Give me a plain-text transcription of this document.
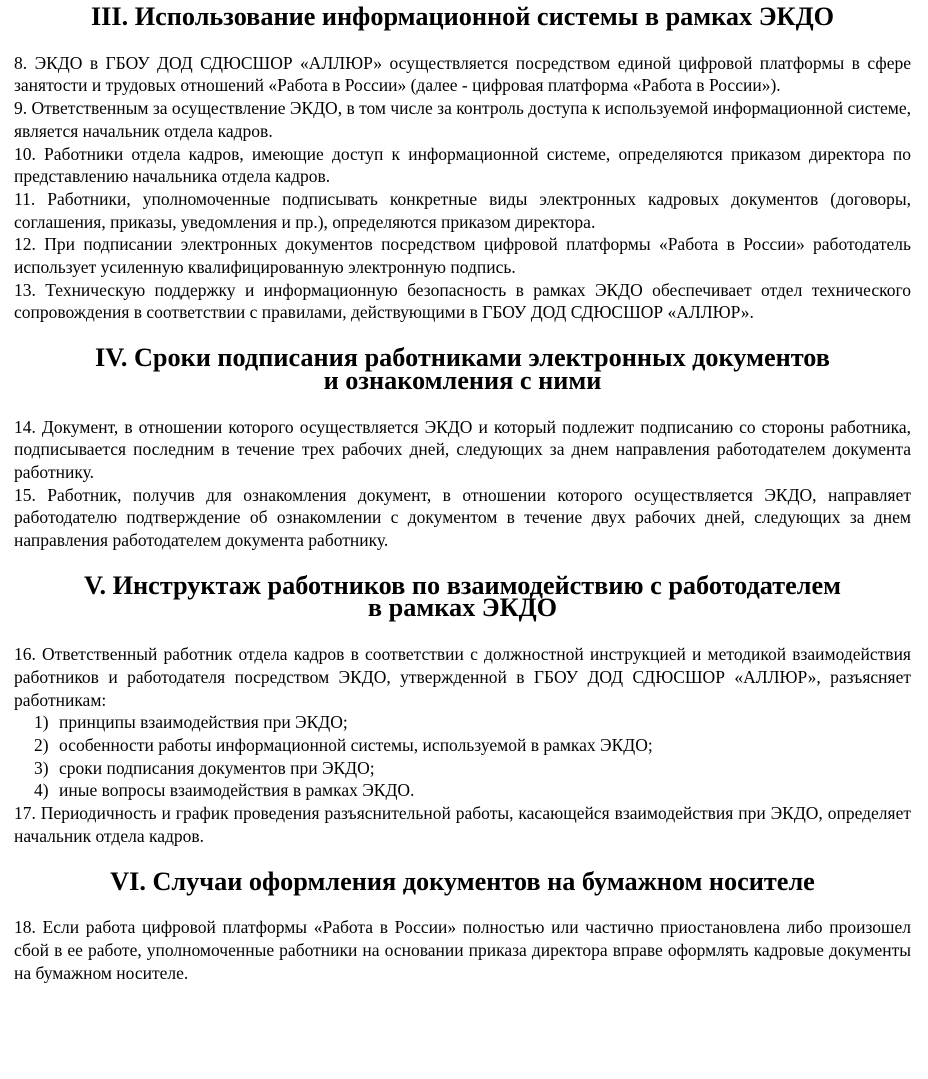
III. Использование информационной системы в рамках ЭКДО

8. ЭКДО в ГБОУ ДОД СДЮСШОР «АЛЛЮР» осуществляется посредством единой цифровой платформы в сфере занятости и трудовых отношений «Работа в России» (далее - цифровая платформа «Работа в России»).

9. Ответственным за осуществление ЭКДО, в том числе за контроль доступа к используемой информационной системе, является начальник отдела кадров.

10. Работники отдела кадров, имеющие доступ к информационной системе, определяются приказом директора по представлению начальника отдела кадров.

11. Работники, уполномоченные подписывать конкретные виды электронных кадровых документов (договоры, соглашения, приказы, уведомления и пр.), определяются приказом директора.

12. При подписании электронных документов посредством цифровой платформы «Работа в России» работодатель использует усиленную квалифицированную электронную подпись.

13. Техническую поддержку и информационную безопасность в рамках ЭКДО обеспечивает отдел технического сопровождения в соответствии с правилами, действующими в ГБОУ ДОД СДЮСШОР «АЛЛЮР».

IV. Сроки подписания работниками электронных документов
и ознакомления с ними

14. Документ, в отношении которого осуществляется ЭКДО и который подлежит подписанию со стороны работника, подписывается последним в течение трех рабочих дней, следующих за днем направления работодателем документа работнику.

15. Работник, получив для ознакомления документ, в отношении которого осуществляется ЭКДО, направляет работодателю подтверждение об ознакомлении с документом в течение двух рабочих дней, следующих за днем направления работодателем документа работнику.

V. Инструктаж работников по взаимодействию с работодателем
в рамках ЭКДО

16. Ответственный работник отдела кадров в соответствии с должностной инструкцией и методикой взаимодействия работников и работодателя посредством ЭКДО, утвержденной в ГБОУ ДОД СДЮСШОР «АЛЛЮР», разъясняет работникам:

1) принципы взаимодействия при ЭКДО;
2) особенности работы информационной системы, используемой в рамках ЭКДО;
3) сроки подписания документов при ЭКДО;
4) иные вопросы взаимодействия в рамках ЭКДО.

17. Периодичность и график проведения разъяснительной работы, касающейся взаимодействия при ЭКДО, определяет начальник отдела кадров.

VI. Случаи оформления документов на бумажном носителе

18. Если работа цифровой платформы «Работа в России» полностью или частично приостановлена либо произошел сбой в ее работе, уполномоченные работники на основании приказа директора вправе оформлять кадровые документы на бумажном носителе.
